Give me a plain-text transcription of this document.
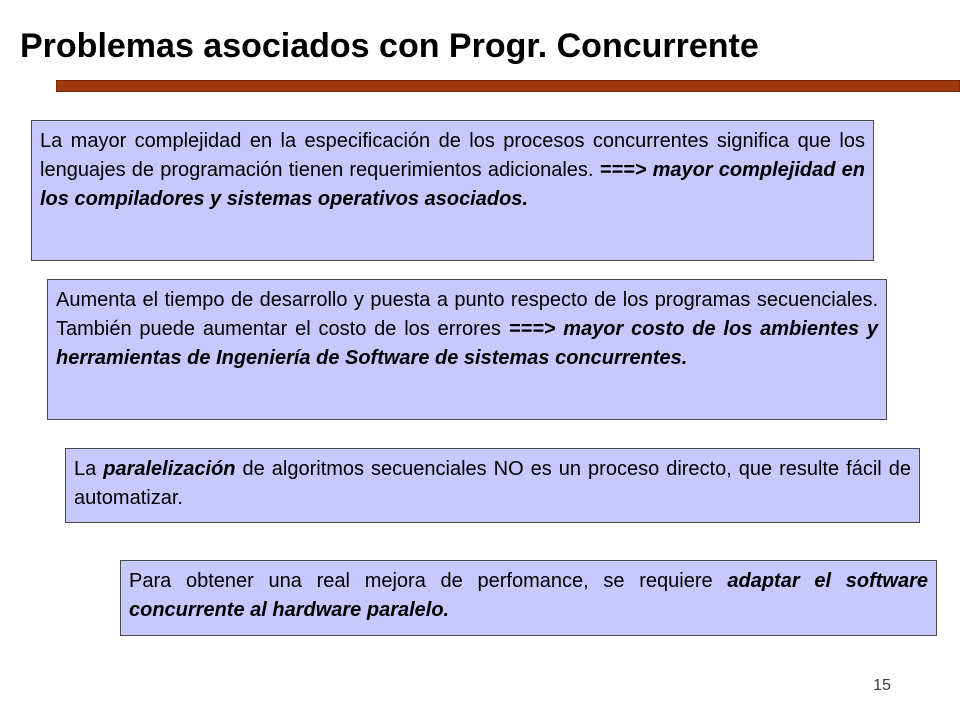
Problemas asociados con Progr. Concurrente

La mayor complejidad en la especificación de los procesos concurrentes significa que los lenguajes de programación tienen requerimientos adicionales. ===> mayor complejidad en los compiladores y sistemas operativos asociados.

Aumenta el tiempo de desarrollo y puesta a punto respecto de los programas secuenciales. También puede aumentar el costo de los errores ===> mayor costo de los ambientes y herramientas de Ingeniería de Software de sistemas concurrentes.

La paralelización de algoritmos secuenciales NO es un proceso directo, que resulte fácil de automatizar.

Para obtener una real mejora de perfomance, se requiere adaptar el software concurrente al hardware paralelo.

15
